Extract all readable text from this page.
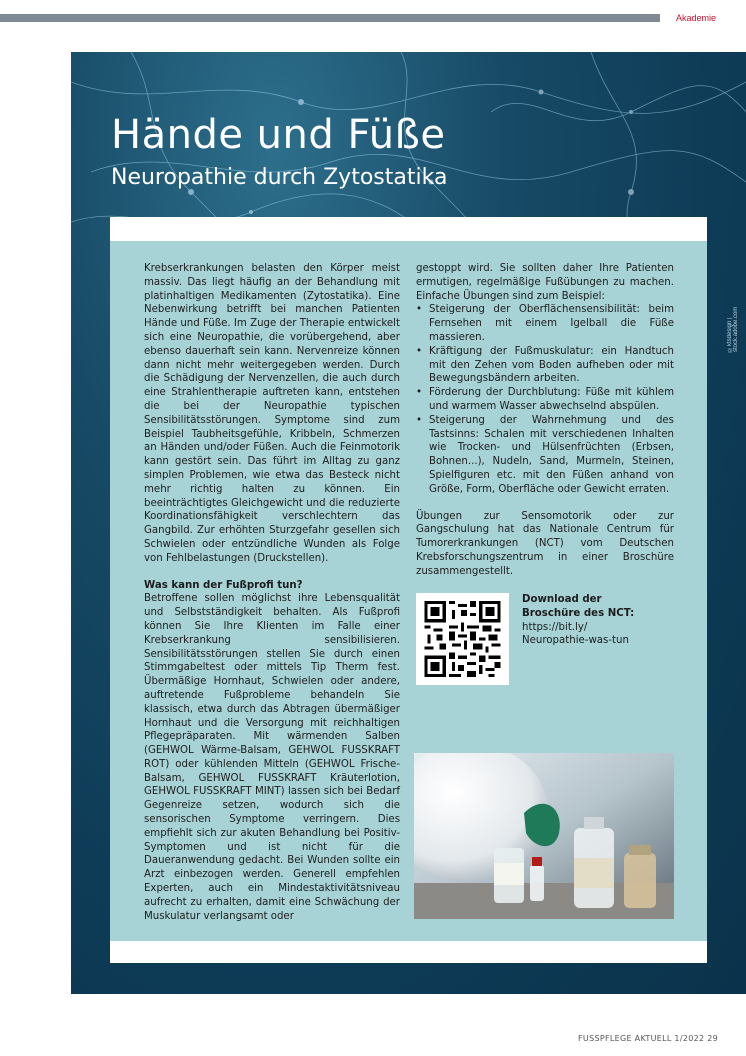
Akademie
Hände und Füße
Neuropathie durch Zytostatika
©ktsdesign | stock.adobe.com

Krebserkrankungen belasten den Körper meist massiv. Das liegt häufig an der Behandlung mit platinhaltigen Medikamenten (Zytostatika). Eine Nebenwirkung betrifft bei manchen Patienten Hände und Füße. Im Zuge der Therapie entwickelt sich eine Neuropathie, die vorübergehend, aber ebenso dauerhaft sein kann. Nervenreize können dann nicht mehr weitergegeben werden. Durch die Schädigung der Nervenzellen, die auch durch eine Strahlentherapie auftreten kann, entstehen die bei der Neuropathie typischen Sensibilitätsstörungen. Symptome sind zum Beispiel Taubheitsgefühle, Kribbeln, Schmerzen an Händen und/oder Füßen. Auch die Feinmotorik kann gestört sein. Das führt im Alltag zu ganz simplen Problemen, wie etwa das Besteck nicht mehr richtig halten zu können. Ein beeinträchtigtes Gleichgewicht und die reduzierte Koordinationsfähigkeit verschlechtern das Gangbild. Zur erhöhten Sturzgefahr gesellen sich Schwielen oder entzündliche Wunden als Folge von Fehlbelastungen (Druckstellen).

Was kann der Fußprofi tun?

Betroffene sollen möglichst ihre Lebensqualität und Selbstständigkeit behalten. Als Fußprofi können Sie Ihre Klienten im Falle einer Krebserkrankung sensibilisieren. Sensibilitätsstörungen stellen Sie durch einen Stimmgabeltest oder mittels Tip Therm fest. Übermäßige Hornhaut, Schwielen oder andere, auftretende Fußprobleme behandeln Sie klassisch, etwa durch das Abtragen übermäßiger Hornhaut und die Versorgung mit reichhaltigen Pflegepräparaten. Mit wärmenden Salben (GEHWOL Wärme-Balsam, GEHWOL FUSSKRAFT ROT) oder kühlenden Mitteln (GEHWOL Frische-Balsam, GEHWOL FUSSKRAFT Kräuterlotion, GEHWOL FUSSKRAFT MINT) lassen sich bei Bedarf Gegenreize setzen, wodurch sich die sensorischen Symptome verringern. Dies empfiehlt sich zur akuten Behandlung bei Positiv-Symptomen und ist nicht für die Daueranwendung gedacht. Bei Wunden sollte ein Arzt einbezogen werden. Generell empfehlen Experten, auch ein Mindestaktivitätsniveau aufrecht zu erhalten, damit eine Schwächung der Muskulatur verlangsamt oder

gestoppt wird. Sie sollten daher Ihre Patienten ermutigen, regelmäßige Fußübungen zu machen. Einfache Übungen sind zum Beispiel:

• Steigerung der Oberflächensensibilität: beim Fernsehen mit einem Igelball die Füße massieren.
• Kräftigung der Fußmuskulatur: ein Handtuch mit den Zehen vom Boden aufheben oder mit Bewegungsbändern arbeiten.
• Förderung der Durchblutung: Füße mit kühlem und warmem Wasser abwechselnd abspülen.
• Steigerung der Wahrnehmung und des Tastsinns: Schalen mit verschiedenen Inhalten wie Trocken- und Hülsenfrüchten (Erbsen, Bohnen...), Nudeln, Sand, Murmeln, Steinen, Spielfiguren etc. mit den Füßen anhand von Größe, Form, Oberfläche oder Gewicht erraten.

Übungen zur Sensomotorik oder zur Gangschulung hat das Nationale Centrum für Tumorerkrankungen (NCT) vom Deutschen Krebsforschungszentrum in einer Broschüre zusammengestellt.

Download der
Broschüre des NCT:
https://bit.ly/
Neuropathie-was-tun
FUSSPFLEGE AKTUELL 1/2022 29
